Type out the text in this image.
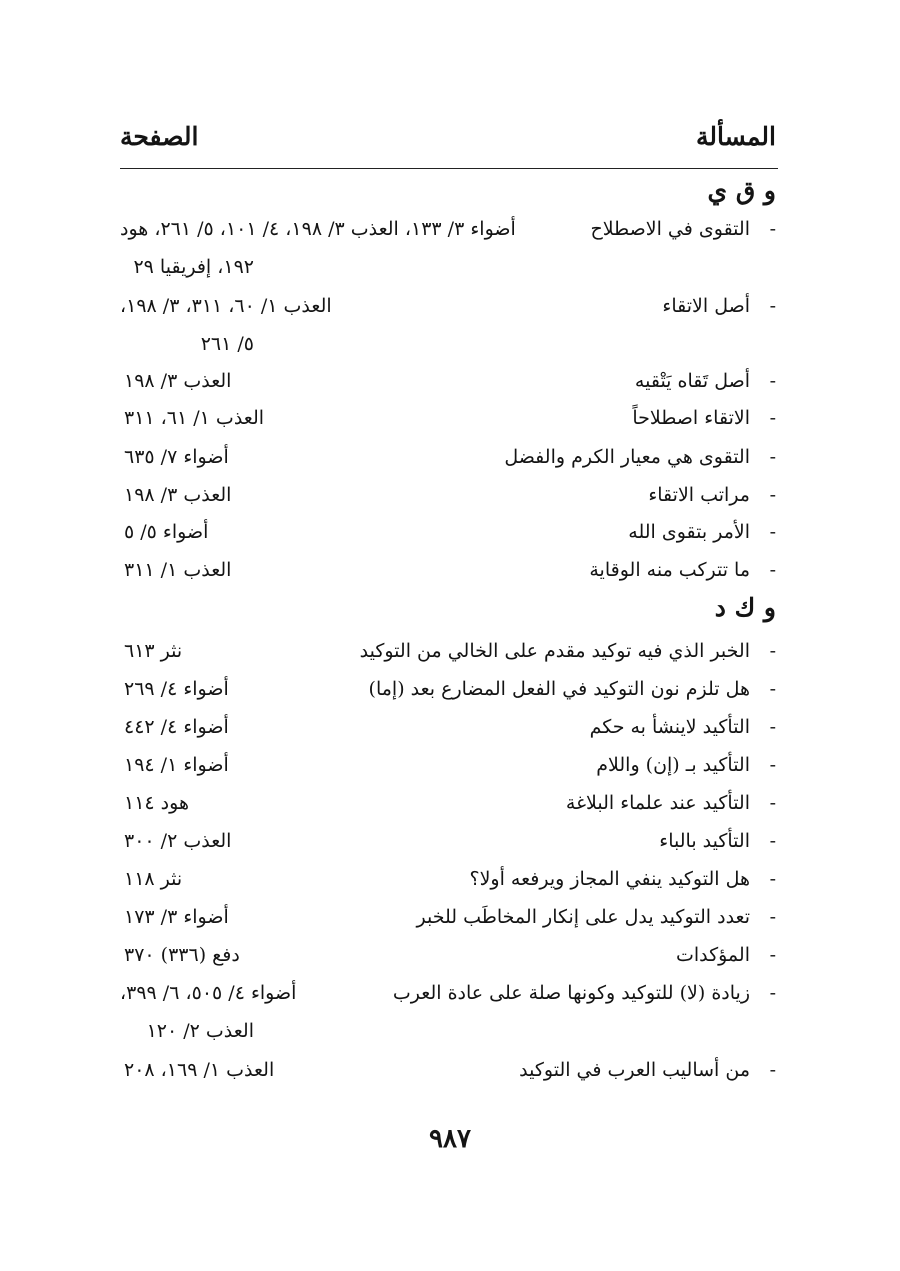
المسألة
الصفحة
و ق ي
-
التقوى في الاصطلاح
أضواء ٣/ ١٣٣، العذب ٣/ ١٩٨، ٤/ ١٠١، ٥/ ٢٦١، هود
١٩٢، إفريقيا ٢٩
-
أصل الاتقاء
العذب ١/ ٦٠، ٣١١، ٣/ ١٩٨،
٥/ ٢٦١
-
أصل تَقاه يَتْقيه
العذب ٣/ ١٩٨
-
الاتقاء اصطلاحاً
العذب ١/ ٦١، ٣١١
-
التقوى هي معيار الكرم والفضل
أضواء ٧/ ٦٣٥
-
مراتب الاتقاء
العذب ٣/ ١٩٨
-
الأمر بتقوى الله
أضواء ٥/ ٥
-
ما تتركب منه الوقاية
العذب ١/ ٣١١
و ك د
-
الخبر الذي فيه توكيد مقدم على الخالي من التوكيد
نثر ٦١٣
-
هل تلزم نون التوكيد في الفعل المضارع بعد (إما)
أضواء ٤/ ٢٦٩
-
التأكيد لاينشأ به حكم
أضواء ٤/ ٤٤٢
-
التأكيد بـ (إن) واللام
أضواء ١/ ١٩٤
-
التأكيد عند علماء البلاغة
هود ١١٤
-
التأكيد بالباء
العذب ٢/ ٣٠٠
-
هل التوكيد ينفي المجاز ويرفعه أولا؟
نثر ١١٨
-
تعدد التوكيد يدل على إنكار المخاطَب للخبر
أضواء ٣/ ١٧٣
-
المؤكدات
دفع (٣٣٦) ٣٧٠
-
زيادة (لا) للتوكيد وكونها صلة على عادة العرب
أضواء ٤/ ٥٠٥، ٦/ ٣٩٩،
العذب ٢/ ١٢٠
-
من أساليب العرب في التوكيد
العذب ١/ ١٦٩، ٢٠٨
٩٨٧
